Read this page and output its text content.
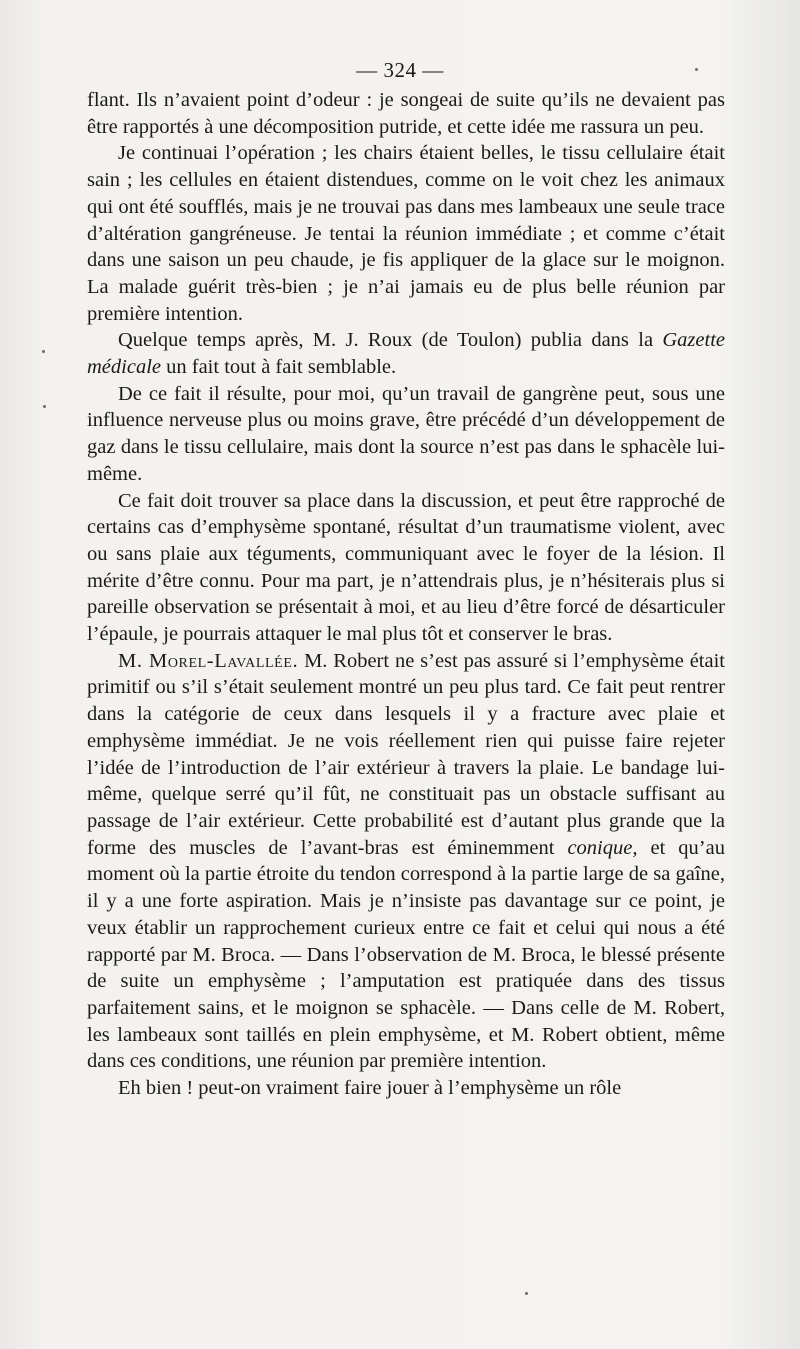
— 324 —

flant. Ils n’avaient point d’odeur : je songeai de suite qu’ils ne devaient pas être rapportés à une décomposition putride, et cette idée me rassura un peu.

Je continuai l’opération ; les chairs étaient belles, le tissu cellulaire était sain ; les cellules en étaient distendues, comme on le voit chez les animaux qui ont été soufflés, mais je ne trouvai pas dans mes lambeaux une seule trace d’altération gangréneuse. Je tentai la réunion immédiate ; et comme c’était dans une saison un peu chaude, je fis appliquer de la glace sur le moignon. La malade guérit très-bien ; je n’ai jamais eu de plus belle réunion par première intention.

Quelque temps après, M. J. Roux (de Toulon) publia dans la Gazette médicale un fait tout à fait semblable.

De ce fait il résulte, pour moi, qu’un travail de gangrène peut, sous une influence nerveuse plus ou moins grave, être précédé d’un développement de gaz dans le tissu cellulaire, mais dont la source n’est pas dans le sphacèle lui-même.

Ce fait doit trouver sa place dans la discussion, et peut être rapproché de certains cas d’emphysème spontané, résultat d’un traumatisme violent, avec ou sans plaie aux téguments, communiquant avec le foyer de la lésion. Il mérite d’être connu. Pour ma part, je n’attendrais plus, je n’hésiterais plus si pareille observation se présentait à moi, et au lieu d’être forcé de désarticuler l’épaule, je pourrais attaquer le mal plus tôt et conserver le bras.

M. Morel-Lavallée. M. Robert ne s’est pas assuré si l’emphysème était primitif ou s’il s’était seulement montré un peu plus tard. Ce fait peut rentrer dans la catégorie de ceux dans lesquels il y a fracture avec plaie et emphysème immédiat. Je ne vois réellement rien qui puisse faire rejeter l’idée de l’introduction de l’air extérieur à travers la plaie. Le bandage lui-même, quelque serré qu’il fût, ne constituait pas un obstacle suffisant au passage de l’air extérieur. Cette probabilité est d’autant plus grande que la forme des muscles de l’avant-bras est éminemment conique, et qu’au moment où la partie étroite du tendon correspond à la partie large de sa gaîne, il y a une forte aspiration. Mais je n’insiste pas davantage sur ce point, je veux établir un rapprochement curieux entre ce fait et celui qui nous a été rapporté par M. Broca. — Dans l’observation de M. Broca, le blessé présente de suite un emphysème ; l’amputation est pratiquée dans des tissus parfaitement sains, et le moignon se sphacèle. — Dans celle de M. Robert, les lambeaux sont taillés en plein emphysème, et M. Robert obtient, même dans ces conditions, une réunion par première intention.

Eh bien ! peut-on vraiment faire jouer à l’emphysème un rôle
